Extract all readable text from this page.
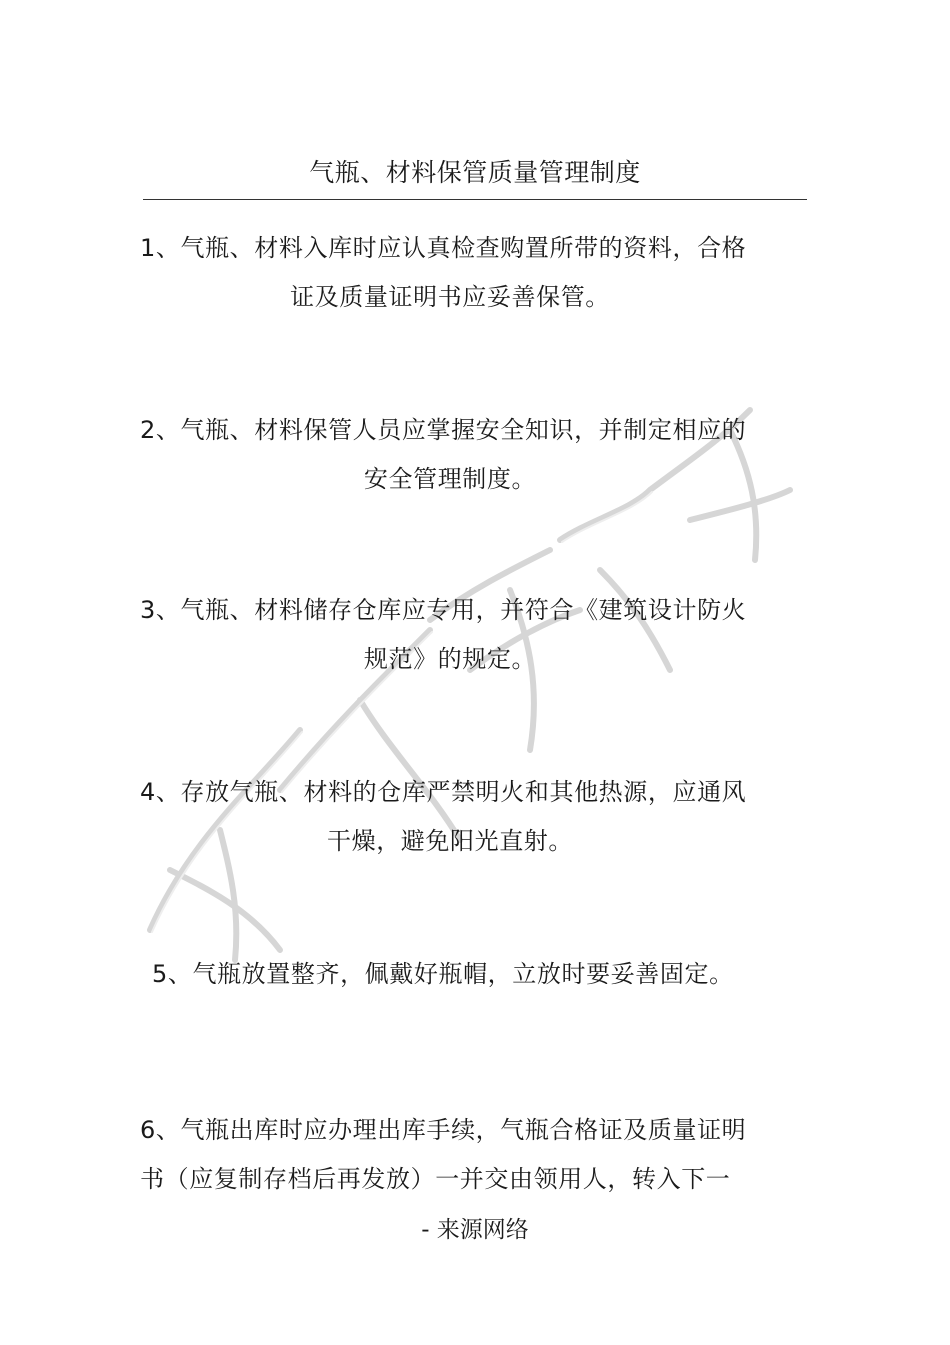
气瓶、材料保管质量管理制度
1、气瓶、材料入库时应认真检查购置所带的资料，合格
证及质量证明书应妥善保管。
2、气瓶、材料保管人员应掌握安全知识，并制定相应的
安全管理制度。
3、气瓶、材料储存仓库应专用，并符合《建筑设计防火
规范》的规定。
4、存放气瓶、材料的仓库严禁明火和其他热源，应通风
干燥，避免阳光直射。
5、气瓶放置整齐，佩戴好瓶帽，立放时要妥善固定。
6、气瓶出库时应办理出库手续，气瓶合格证及质量证明
书（应复制存档后再发放）一并交由领用人，转入下一
- 来源网络
